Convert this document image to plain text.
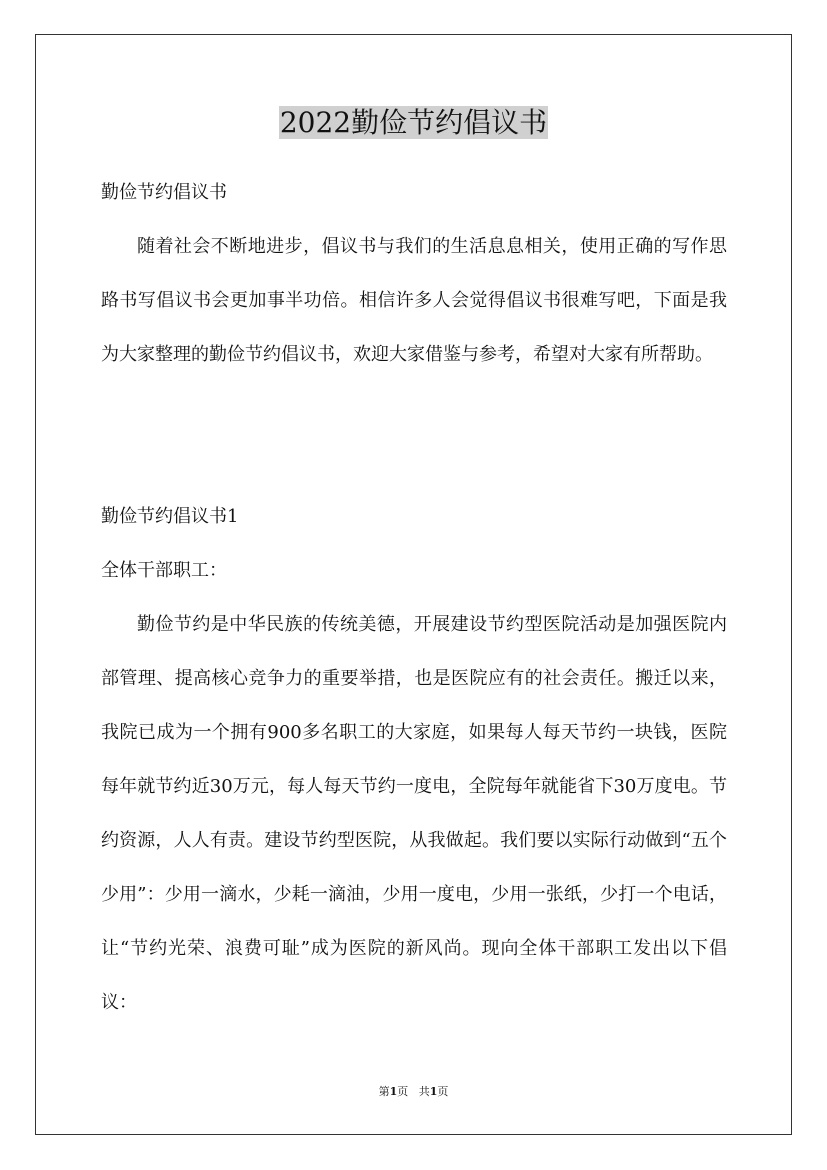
2022勤俭节约倡议书

勤俭节约倡议书

随着社会不断地进步，倡议书与我们的生活息息相关，使用正确的写作思路书写倡议书会更加事半功倍。相信许多人会觉得倡议书很难写吧，下面是我为大家整理的勤俭节约倡议书，欢迎大家借鉴与参考，希望对大家有所帮助。

勤俭节约倡议书1

全体干部职工：

勤俭节约是中华民族的传统美德，开展建设节约型医院活动是加强医院内部管理、提高核心竞争力的重要举措，也是医院应有的社会责任。搬迁以来，我院已成为一个拥有900多名职工的大家庭，如果每人每天节约一块钱，医院每年就节约近30万元，每人每天节约一度电，全院每年就能省下30万度电。节约资源，人人有责。建设节约型医院，从我做起。我们要以实际行动做到“五个少用”：少用一滴水，少耗一滴油，少用一度电，少用一张纸，少打一个电话，让“节约光荣、浪费可耻”成为医院的新风尚。现向全体干部职工发出以下倡议：

第1页 共1页
